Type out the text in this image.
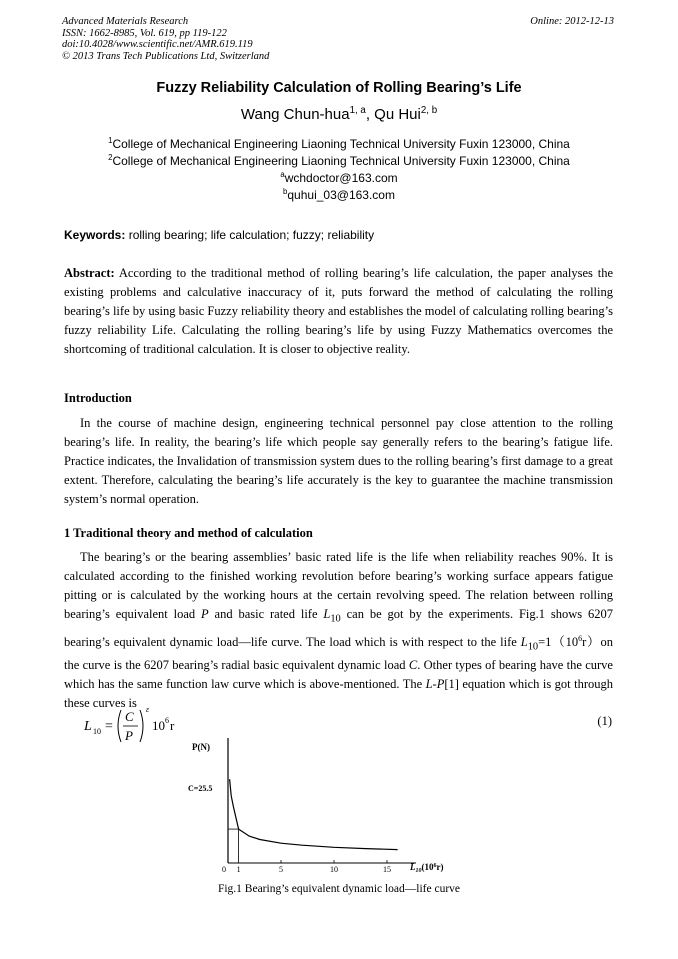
Advanced Materials Research
ISSN: 1662-8985, Vol. 619, pp 119-122
doi:10.4028/www.scientific.net/AMR.619.119
© 2013 Trans Tech Publications Ltd, Switzerland
Online: 2012-12-13
Fuzzy Reliability Calculation of Rolling Bearing’s Life
Wang Chun-hua$^{1, a}$, Qu Hui$^{2, b}$
$^1$College of Mechanical Engineering Liaoning Technical University Fuxin 123000, China
$^2$College of Mechanical Engineering Liaoning Technical University Fuxin 123000, China
$^a$wchdoctor@163.com
$^b$quhui_03@163.com
Keywords: rolling bearing; life calculation; fuzzy; reliability
Abstract: According to the traditional method of rolling bearing’s life calculation, the paper analyses the existing problems and calculative inaccuracy of it, puts forward the method of calculating the rolling bearing’s life by using basic Fuzzy reliability theory and establishes the model of calculating rolling bearing’s fuzzy reliability Life. Calculating the rolling bearing’s life by using Fuzzy Mathematics overcomes the shortcoming of traditional calculation. It is closer to objective reality.
Introduction
In the course of machine design, engineering technical personnel pay close attention to the rolling bearing’s life. In reality, the bearing’s life which people say generally refers to the bearing’s fatigue life. Practice indicates, the Invalidation of transmission system dues to the rolling bearing’s first damage to a great extent. Therefore, calculating the bearing’s life accurately is the key to guarantee the machine transmission system’s normal operation.
1 Traditional theory and method of calculation
The bearing’s or the bearing assemblies’ basic rated life is the life when reliability reaches 90%. It is calculated according to the finished working revolution before bearing’s working surface appears fatigue pitting or is calculated by the working hours at the certain revolving speed. The relation between rolling bearing’s equivalent load P and basic rated life $L_{10}$ can be got by the experiments. Fig.1 shows 6207 bearing’s equivalent dynamic load—life curve. The load which is with respect to the life $L_{10}=1(10^6r)on$ the curve is the 6207 bearing’s radial basic equivalent dynamic load C. Other types of bearing have the curve which has the same function law curve which is above-mentioned. The L-P[1] equation which is got through these curves is
L 10 =
C
P
ε
10 6 r	(1)
P(N)
C=25.5
0 1	5	10	15 $L_{10}(10^6r)$
Fig.1 Bearing’s equivalent dynamic load—life curve
